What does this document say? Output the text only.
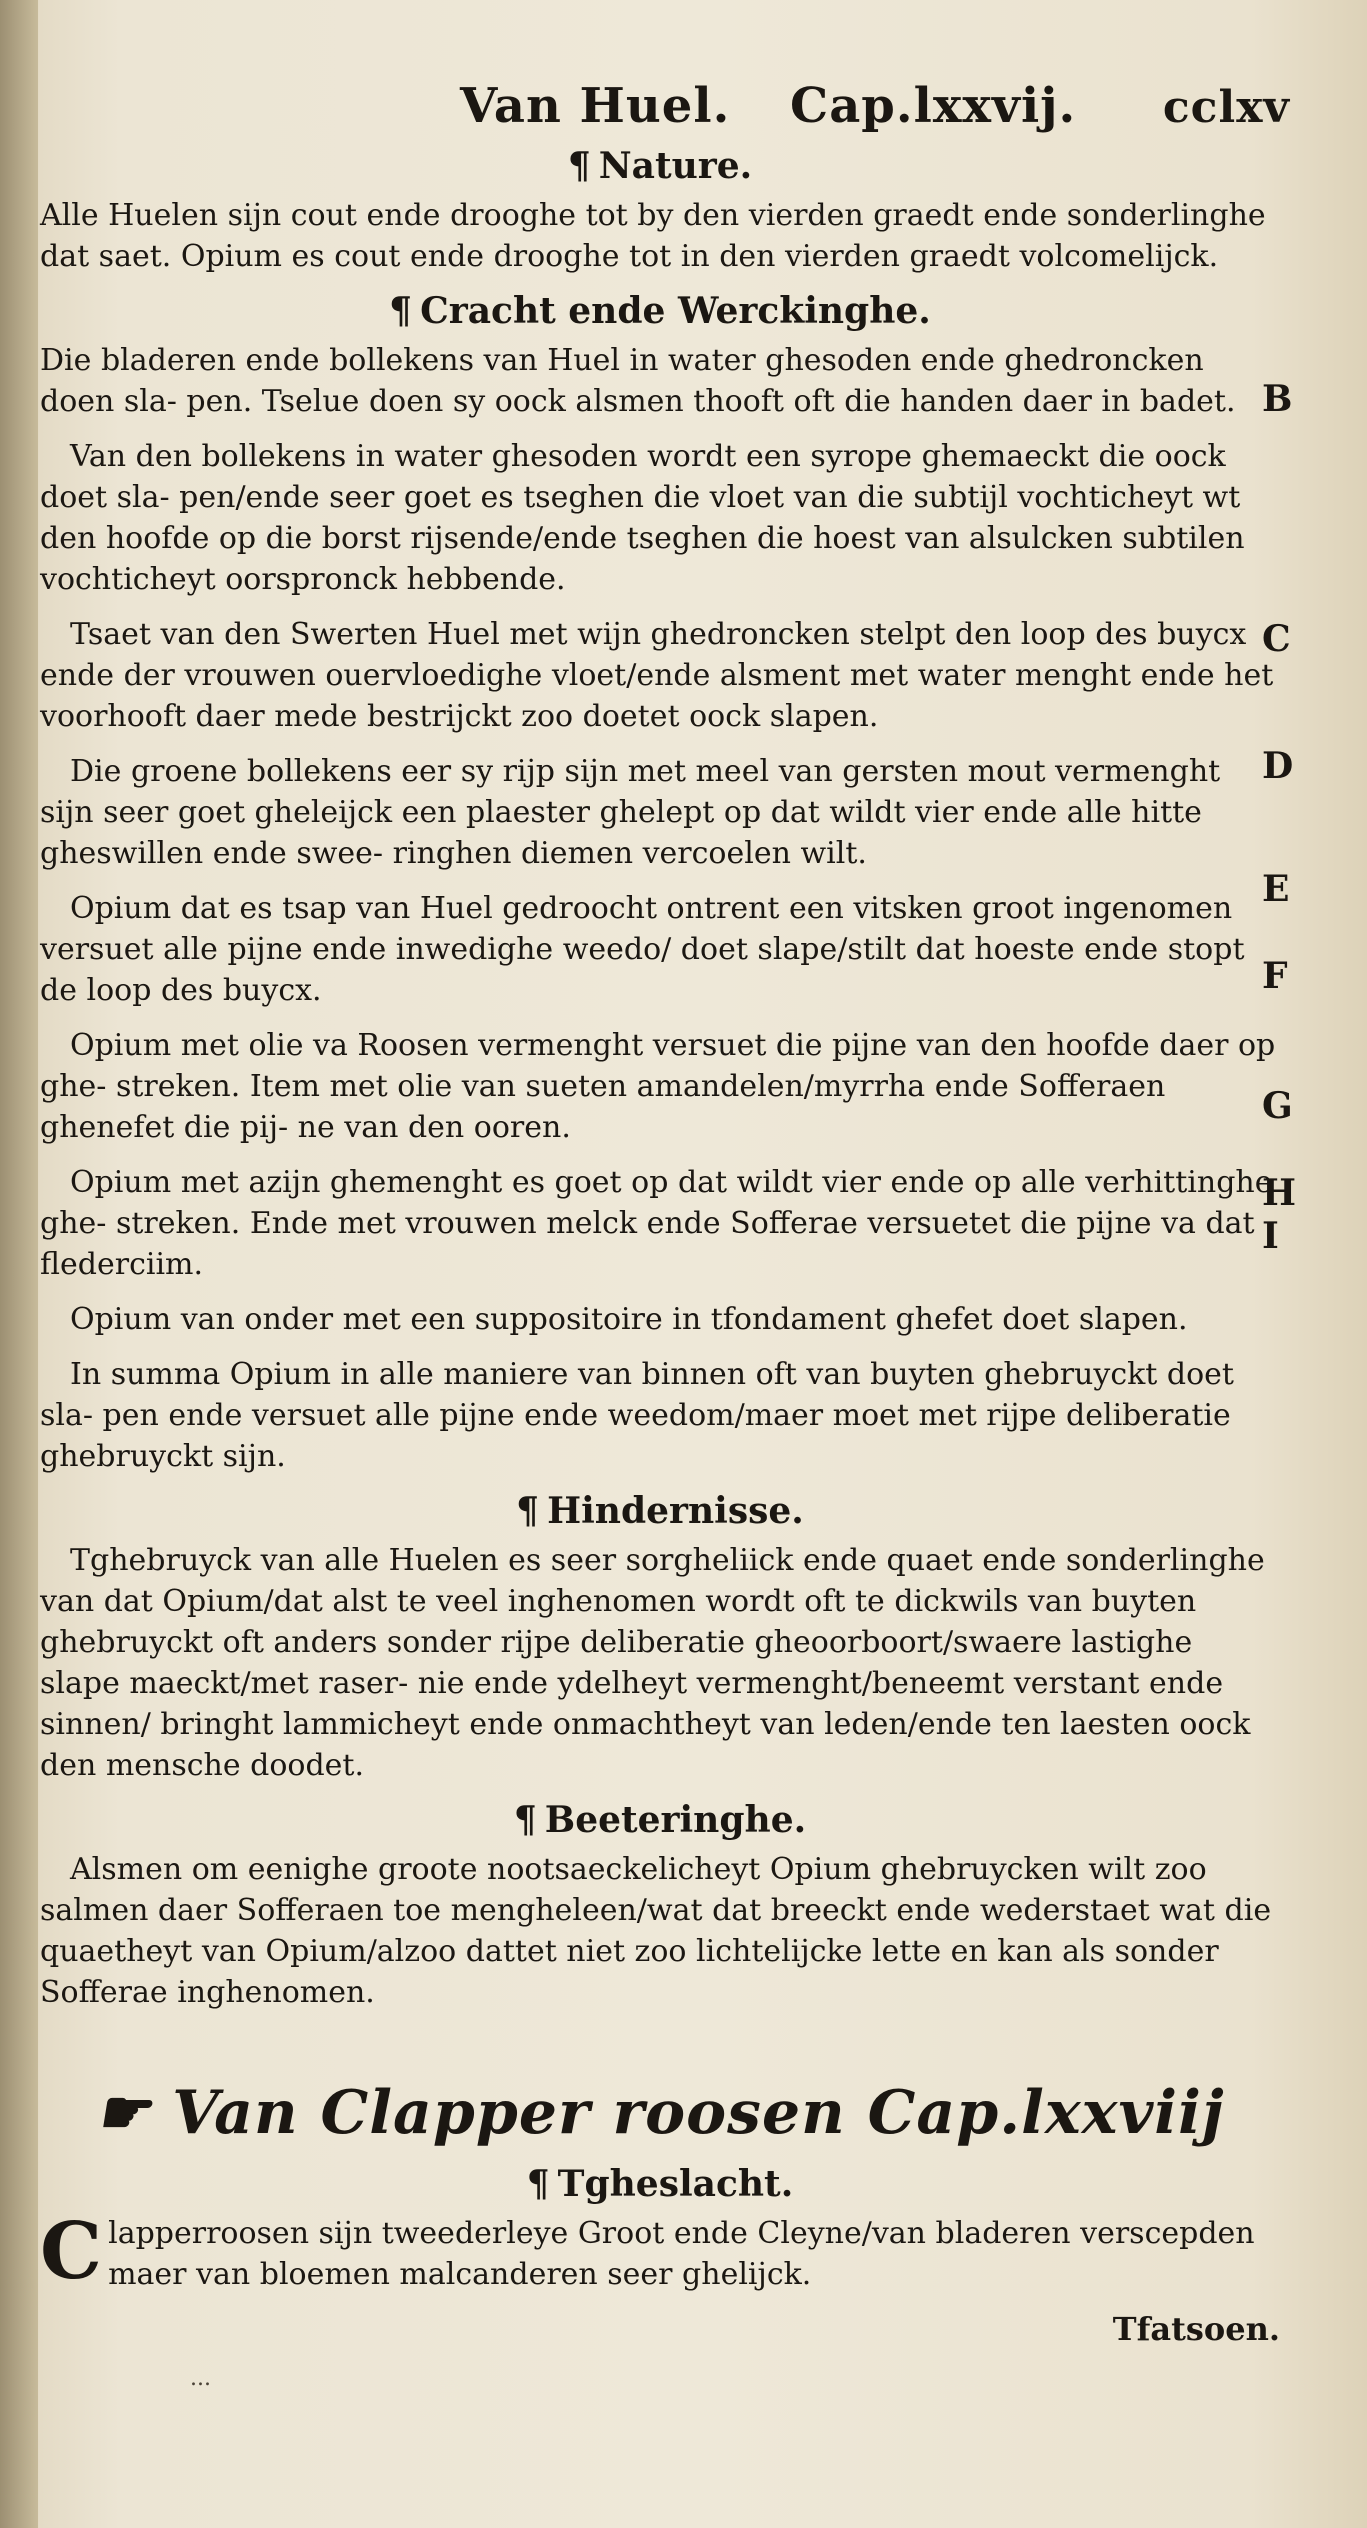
Van Huel. Cap.lxxvij. cclxv
¶ Nature.

Alle Huelen sijn cout ende drooghe tot by den vierden graedt ende sonderlinghe dat saet. Opium es cout ende drooghe tot in den vierden graedt volcomelijck.

¶ Cracht ende Werckinghe.

Die bladeren ende bollekens van Huel in water ghesoden ende ghedroncken doen sla- pen. Tselue doen sy oock alsmen thooft oft die handen daer in badet.

Van den bollekens in water ghesoden wordt een syrope ghemaeckt die oock doet sla- pen/ende seer goet es tseghen die vloet van die subtijl vochticheyt wt den hoofde op die borst rijsende/ende tseghen die hoest van alsulcken subtilen vochticheyt oorspronck hebbende.

Tsaet van den Swerten Huel met wijn ghedroncken stelpt den loop des buycx ende der vrouwen ouervloedighe vloet/ende alsment met water menght ende het voorhooft daer mede bestrijckt zoo doetet oock slapen.

Die groene bollekens eer sy rijp sijn met meel van gersten mout vermenght sijn seer goet gheleijck een plaester ghelept op dat wildt vier ende alle hitte gheswillen ende swee- ringhen diemen vercoelen wilt.

Opium dat es tsap van Huel gedroocht ontrent een vitsken groot ingenomen versuet alle pijne ende inwedighe weedo/ doet slape/stilt dat hoeste ende stopt de loop des buycx.

Opium met olie va Roosen vermenght versuet die pijne van den hoofde daer op ghe- streken. Item met olie van sueten amandelen/myrrha ende Sofferaen ghenefet die pij- ne van den ooren.

Opium met azijn ghemenght es goet op dat wildt vier ende op alle verhittinghe ghe- streken. Ende met vrouwen melck ende Sofferae versuetet die pijne va dat flederciim.

Opium van onder met een suppositoire in tfondament ghefet doet slapen.

In summa Opium in alle maniere van binnen oft van buyten ghebruyckt doet sla- pen ende versuet alle pijne ende weedom/maer moet met rijpe deliberatie ghebruyckt sijn.

¶ Hindernisse.

Tghebruyck van alle Huelen es seer sorgheliick ende quaet ende sonderlinghe van dat Opium/dat alst te veel inghenomen wordt oft te dickwils van buyten ghebruyckt oft anders sonder rijpe deliberatie gheoorboort/swaere lastighe slape maeckt/met raser- nie ende ydelheyt vermenght/beneemt verstant ende sinnen/ bringht lammicheyt ende onmachtheyt van leden/ende ten laesten oock den mensche doodet.

¶ Beeteringhe.

Alsmen om eenighe groote nootsaeckelicheyt Opium ghebruycken wilt zoo salmen daer Sofferaen toe mengheleen/wat dat breeckt ende wederstaet wat die quaetheyt van Opium/alzoo dattet niet zoo lichtelijcke lette en kan als sonder Sofferae inghenomen.

☛ Van Clapper roosen Cap.lxxviij
¶ Tgheslacht.

Clapperroosen sijn tweederleye Groot ende Cleyne/van bladeren verscepden maer van bloemen malcanderen seer ghelijck.

Tfatsoen.
...
B
C
D
E
F
G
H
I
